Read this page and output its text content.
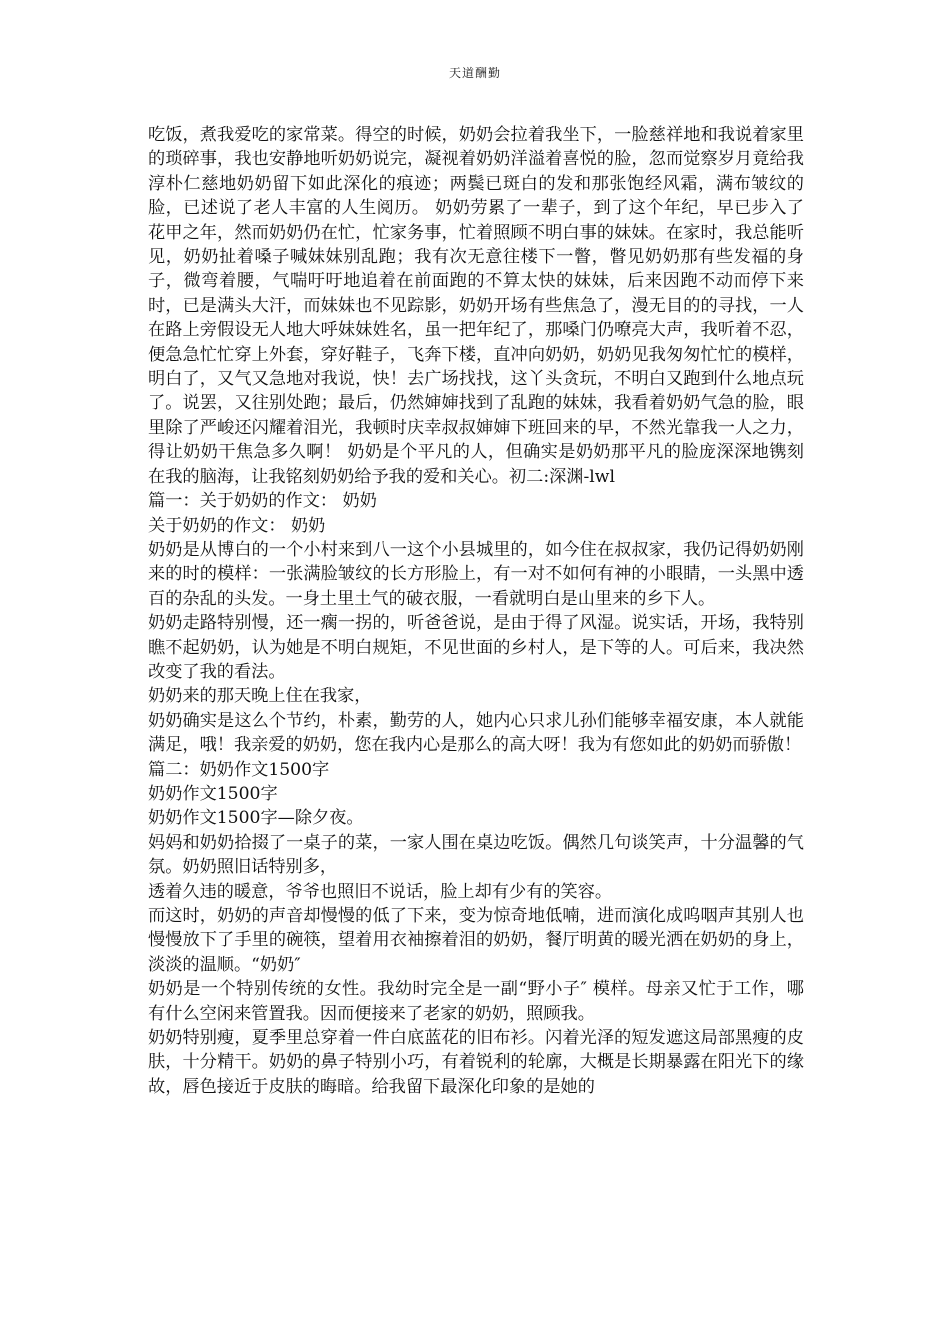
天道酬勤

吃饭，煮我爱吃的家常菜。得空的时候，奶奶会拉着我坐下，一脸慈祥地和我说着家里的琐碎事，我也安静地听奶奶说完，凝视着奶奶洋溢着喜悦的脸，忽而觉察岁月竟给我淳朴仁慈地奶奶留下如此深化的痕迹；两鬓已斑白的发和那张饱经风霜，满布皱纹的脸，已述说了老人丰富的人生阅历。 奶奶劳累了一辈子，到了这个年纪，早已步入了花甲之年，然而奶奶仍在忙，忙家务事，忙着照顾不明白事的妹妹。在家时，我总能听见，奶奶扯着嗓子喊妹妹别乱跑；我有次无意往楼下一瞥，瞥见奶奶那有些发福的身子，微弯着腰，气喘吁吁地追着在前面跑的不算太快的妹妹，后来因跑不动而停下来时，已是满头大汗，而妹妹也不见踪影，奶奶开场有些焦急了，漫无目的的寻找，一人在路上旁假设无人地大呼妹妹姓名，虽一把年纪了，那嗓门仍嘹亮大声，我听着不忍，便急急忙忙穿上外套，穿好鞋子，飞奔下楼，直冲向奶奶，奶奶见我匆匆忙忙的模样，明白了，又气又急地对我说，快！去广场找找，这丫头贪玩，不明白又跑到什么地点玩了。说罢，又往别处跑；最后，仍然婶婶找到了乱跑的妹妹，我看着奶奶气急的脸，眼里除了严峻还闪耀着泪光，我顿时庆幸叔叔婶婶下班回来的早，不然光靠我一人之力，得让奶奶干焦急多久啊！ 奶奶是个平凡的人，但确实是奶奶那平凡的脸庞深深地镌刻在我的脑海，让我铭刻奶奶给予我的爱和关心。初二:深渊-lwl

篇一：关于奶奶的作文： 奶奶

关于奶奶的作文： 奶奶

奶奶是从博白的一个小村来到八一这个小县城里的，如今住在叔叔家，我仍记得奶奶刚来的时的模样：一张满脸皱纹的长方形脸上，有一对不如何有神的小眼睛，一头黑中透百的杂乱的头发。一身土里土气的破衣服，一看就明白是山里来的乡下人。

奶奶走路特别慢，还一瘸一拐的，听爸爸说，是由于得了风湿。说实话，开场，我特别瞧不起奶奶，认为她是不明白规矩，不见世面的乡村人，是下等的人。可后来，我决然改变了我的看法。

奶奶来的那天晚上住在我家，

奶奶确实是这么个节约，朴素，勤劳的人，她内心只求儿孙们能够幸福安康，本人就能满足，哦！我亲爱的奶奶，您在我内心是那么的高大呀！我为有您如此的奶奶而骄傲！

篇二：奶奶作文1500字

奶奶作文1500字

奶奶作文1500字—除夕夜。

妈妈和奶奶拾掇了一桌子的菜，一家人围在桌边吃饭。偶然几句谈笑声，十分温馨的气氛。奶奶照旧话特别多，

透着久违的暖意，爷爷也照旧不说话，脸上却有少有的笑容。

而这时，奶奶的声音却慢慢的低了下来，变为惊奇地低喃，进而演化成呜咽声其别人也慢慢放下了手里的碗筷，望着用衣袖擦着泪的奶奶，餐厅明黄的暖光洒在奶奶的身上，淡淡的温顺。“奶奶″

奶奶是一个特别传统的女性。我幼时完全是一副“野小子″ 模样。母亲又忙于工作，哪有什么空闲来管置我。因而便接来了老家的奶奶，照顾我。

奶奶特别瘦，夏季里总穿着一件白底蓝花的旧布衫。闪着光泽的短发遮这局部黑瘦的皮肤，十分精干。奶奶的鼻子特别小巧，有着锐利的轮廓，大概是长期暴露在阳光下的缘故，唇色接近于皮肤的晦暗。给我留下最深化印象的是她的
